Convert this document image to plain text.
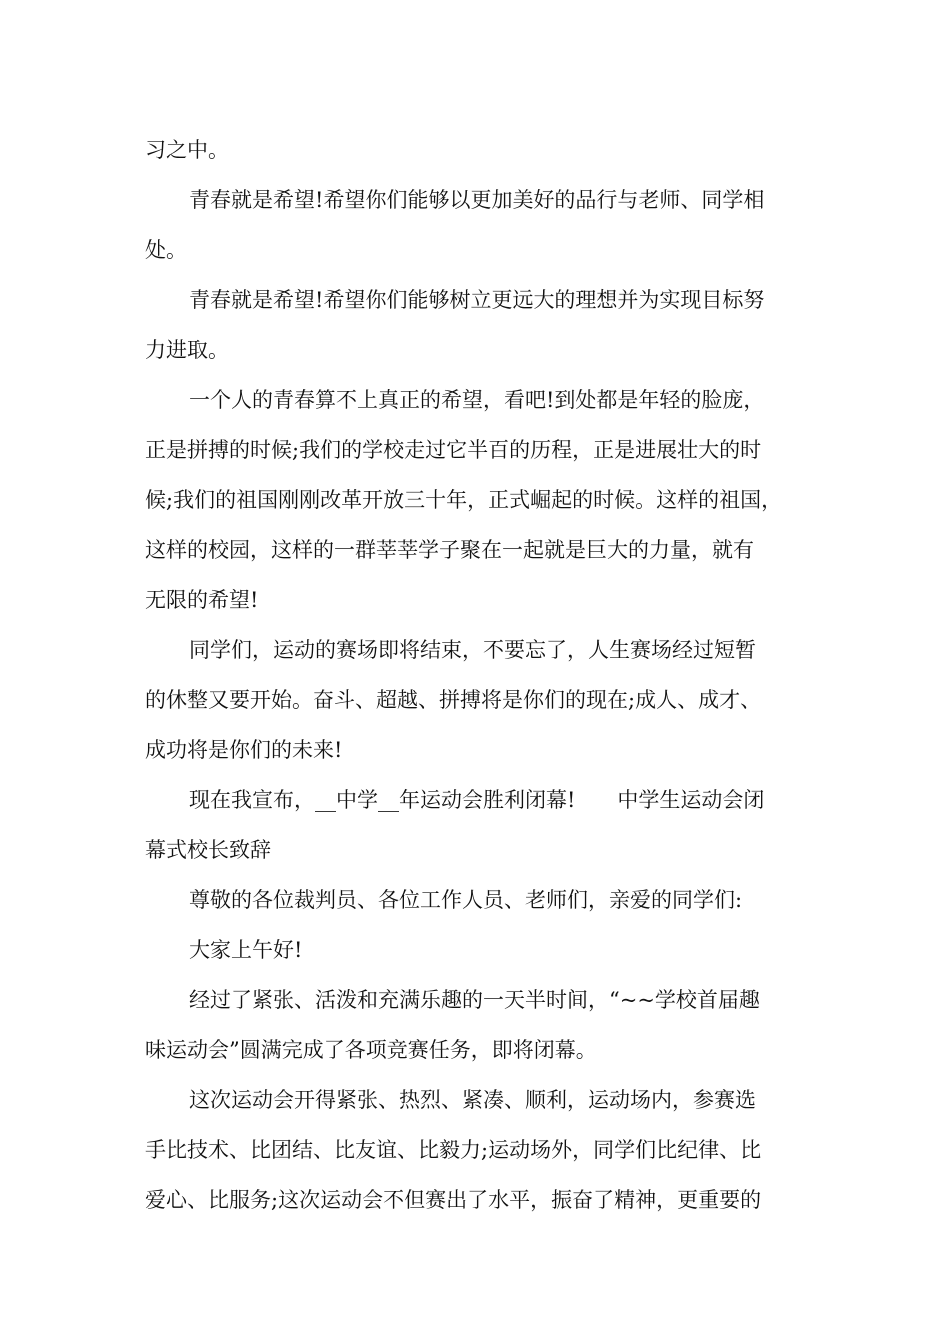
习之中。

青春就是希望!希望你们能够以更加美好的品行与老师、同学相

处。

青春就是希望!希望你们能够树立更远大的理想并为实现目标努

力进取。

一个人的青春算不上真正的希望，看吧!到处都是年轻的脸庞，

正是拼搏的时候;我们的学校走过它半百的历程，正是进展壮大的时

候;我们的祖国刚刚改革开放三十年，正式崛起的时候。这样的祖国，

这样的校园，这样的一群莘莘学子聚在一起就是巨大的力量，就有

无限的希望!

同学们，运动的赛场即将结束，不要忘了，人生赛场经过短暂

的休整又要开始。奋斗、超越、拼搏将是你们的现在;成人、成才、

成功将是你们的未来!

现在我宣布，__中学__年运动会胜利闭幕!　　中学生运动会闭

幕式校长致辞

尊敬的各位裁判员、各位工作人员、老师们，亲爱的同学们:

大家上午好!

经过了紧张、活泼和充满乐趣的一天半时间，“~~学校首届趣

味运动会”圆满完成了各项竞赛任务，即将闭幕。

这次运动会开得紧张、热烈、紧凑、顺利，运动场内，参赛选

手比技术、比团结、比友谊、比毅力;运动场外，同学们比纪律、比

爱心、比服务;这次运动会不但赛出了水平，振奋了精神，更重要的
